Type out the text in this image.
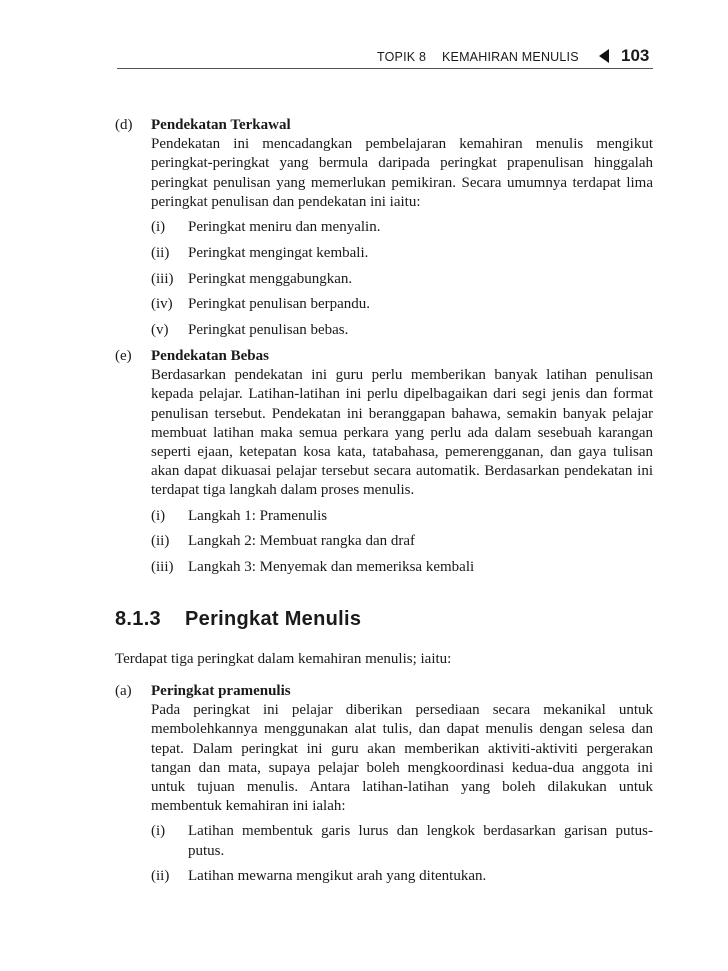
TOPIK 8 KEMAHIRAN MENULIS 103
(d) Pendekatan Terkawal

Pendekatan ini mencadangkan pembelajaran kemahiran menulis mengikut peringkat-peringkat yang bermula daripada peringkat prapenulisan hinggalah peringkat penulisan yang memerlukan pemikiran. Secara umumnya terdapat lima peringkat penulisan dan pendekatan ini iaitu:

(i) Peringkat meniru dan menyalin.
(ii) Peringkat mengingat kembali.
(iii) Peringkat menggabungkan.
(iv) Peringkat penulisan berpandu.
(v) Peringkat penulisan bebas.
(e) Pendekatan Bebas

Berdasarkan pendekatan ini guru perlu memberikan banyak latihan penulisan kepada pelajar. Latihan-latihan ini perlu dipelbagaikan dari segi jenis dan format penulisan tersebut. Pendekatan ini beranggapan bahawa, semakin banyak pelajar membuat latihan maka semua perkara yang perlu ada dalam sesebuah karangan seperti ejaan, ketepatan kosa kata, tatabahasa, pemerengganan, dan gaya tulisan akan dapat dikuasai pelajar tersebut secara automatik. Berdasarkan pendekatan ini terdapat tiga langkah dalam proses menulis.

(i) Langkah 1: Pramenulis
(ii) Langkah 2: Membuat rangka dan draf
(iii) Langkah 3: Menyemak dan memeriksa kembali
8.1.3 Peringkat Menulis

Terdapat tiga peringkat dalam kemahiran menulis; iaitu:

(a) Peringkat pramenulis

Pada peringkat ini pelajar diberikan persediaan secara mekanikal untuk membolehkannya menggunakan alat tulis, dan dapat menulis dengan selesa dan tepat. Dalam peringkat ini guru akan memberikan aktiviti-aktiviti pergerakan tangan dan mata, supaya pelajar boleh mengkoordinasi kedua-dua anggota ini untuk tujuan menulis. Antara latihan-latihan yang boleh dilakukan untuk membentuk kemahiran ini ialah:

(i) Latihan membentuk garis lurus dan lengkok berdasarkan garisan putus-putus.
(ii) Latihan mewarna mengikut arah yang ditentukan.
